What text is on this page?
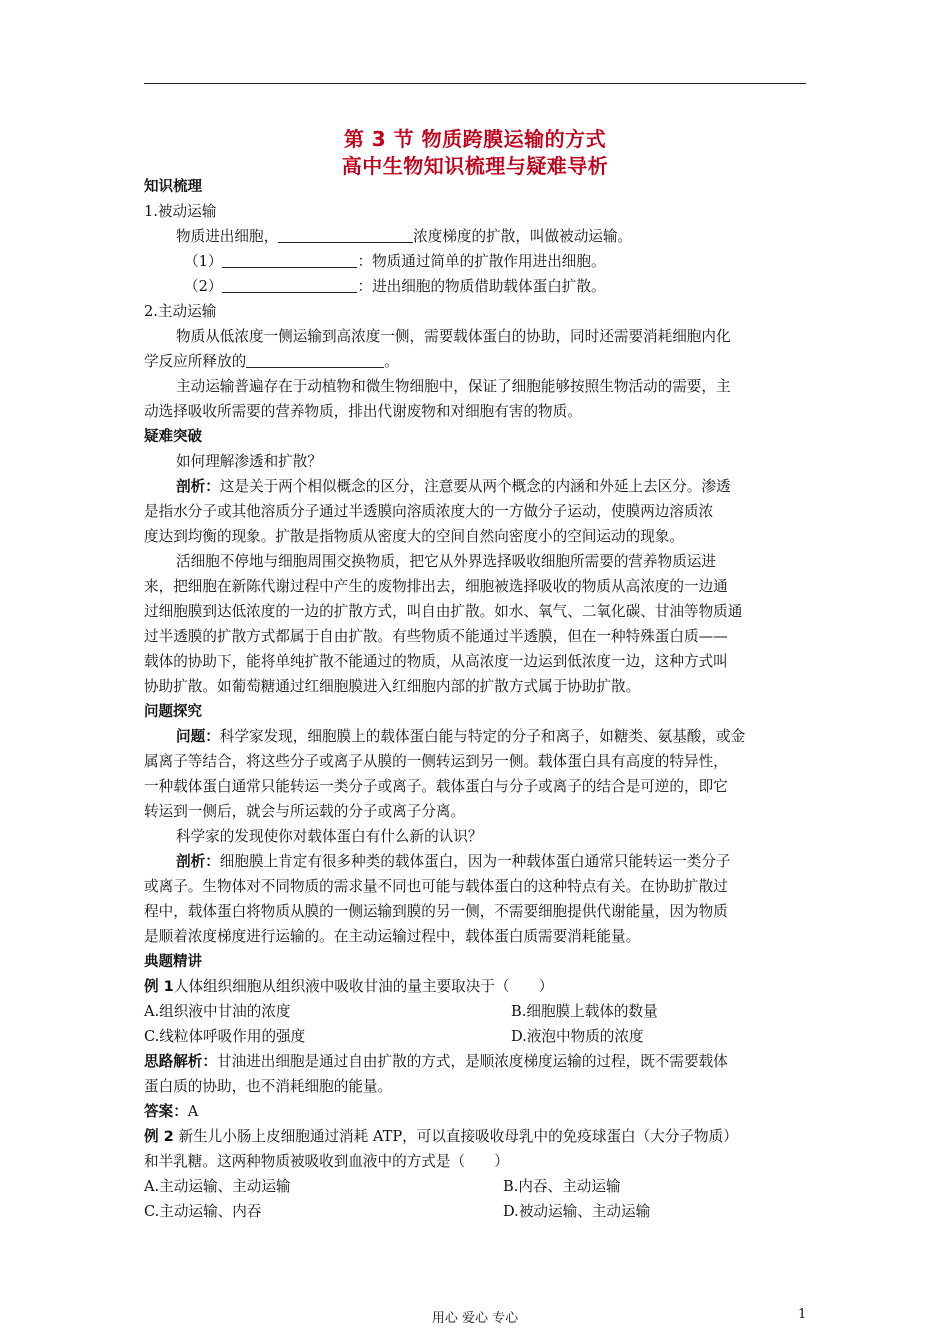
第 3 节 物质跨膜运输的方式
高中生物知识梳理与疑难导析
知识梳理
1.被动运输
物质进出细胞，	浓度梯度的扩散，叫做被动运输。
（1）	：物质通过简单的扩散作用进出细胞。
（2）	：进出细胞的物质借助载体蛋白扩散。
2.主动运输
物质从低浓度一侧运输到高浓度一侧，需要载体蛋白的协助，同时还需要消耗细胞内化
学反应所释放的	。
主动运输普遍存在于动植物和微生物细胞中，保证了细胞能够按照生物活动的需要，主
动选择吸收所需要的营养物质，排出代谢废物和对细胞有害的物质。
疑难突破
如何理解渗透和扩散？
剖析：这是关于两个相似概念的区分，注意要从两个概念的内涵和外延上去区分。渗透
是指水分子或其他溶质分子通过半透膜向溶质浓度大的一方做分子运动，使膜两边溶质浓
度达到均衡的现象。扩散是指物质从密度大的空间自然向密度小的空间运动的现象。
活细胞不停地与细胞周围交换物质，把它从外界选择吸收细胞所需要的营养物质运进
来，把细胞在新陈代谢过程中产生的废物排出去，细胞被选择吸收的物质从高浓度的一边通
过细胞膜到达低浓度的一边的扩散方式，叫自由扩散。如水、氧气、二氧化碳、甘油等物质通
过半透膜的扩散方式都属于自由扩散。有些物质不能通过半透膜，但在一种特殊蛋白质——
载体的协助下，能将单纯扩散不能通过的物质，从高浓度一边运到低浓度一边，这种方式叫
协助扩散。如葡萄糖通过红细胞膜进入红细胞内部的扩散方式属于协助扩散。
问题探究
问题：科学家发现，细胞膜上的载体蛋白能与特定的分子和离子，如糖类、氨基酸，或金
属离子等结合，将这些分子或离子从膜的一侧转运到另一侧。载体蛋白具有高度的特异性，
一种载体蛋白通常只能转运一类分子或离子。载体蛋白与分子或离子的结合是可逆的，即它
转运到一侧后，就会与所运载的分子或离子分离。
科学家的发现使你对载体蛋白有什么新的认识？
剖析：细胞膜上肯定有很多种类的载体蛋白，因为一种载体蛋白通常只能转运一类分子
或离子。生物体对不同物质的需求量不同也可能与载体蛋白的这种特点有关。在协助扩散过
程中，载体蛋白将物质从膜的一侧运输到膜的另一侧，不需要细胞提供代谢能量，因为物质
是顺着浓度梯度进行运输的。在主动运输过程中，载体蛋白质需要消耗能量。
典题精讲
例 1人体组织细胞从组织液中吸收甘油的量主要取决于（　　）
A.组织液中甘油的浓度	B.细胞膜上载体的数量
C.线粒体呼吸作用的强度	D.液泡中物质的浓度
思路解析：甘油进出细胞是通过自由扩散的方式，是顺浓度梯度运输的过程，既不需要载体
蛋白质的协助，也不消耗细胞的能量。
答案：A
例 2 新生儿小肠上皮细胞通过消耗 ATP，可以直接吸收母乳中的免疫球蛋白（大分子物质）
和半乳糖。这两种物质被吸收到血液中的方式是（　　）
A.主动运输、主动运输	B.内吞、主动运输
C.主动运输、内吞	D.被动运输、主动运输
用心 爱心 专心	1
